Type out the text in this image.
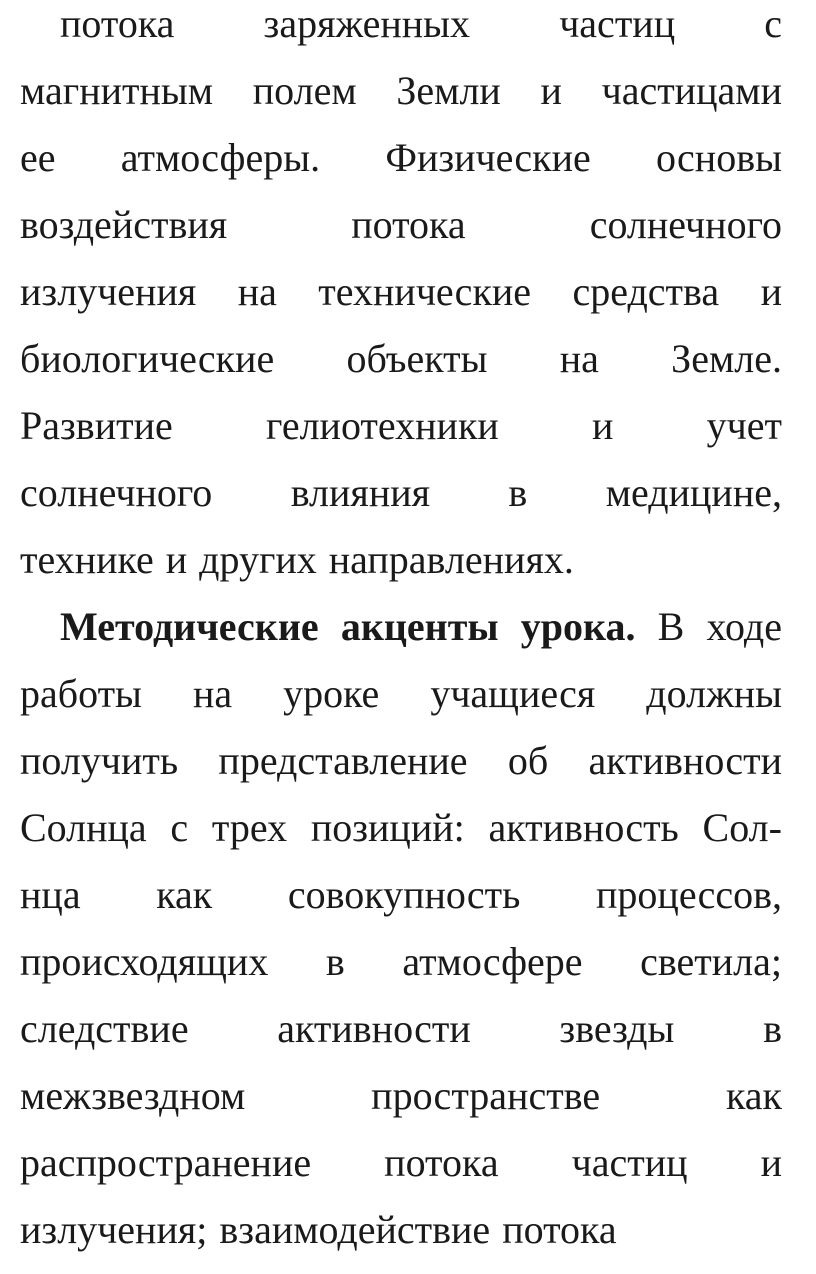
потока заряженных частиц с
магнитным полем Земли и частицами
ее атмосферы. Физические основы
воздействия	потока	солнечного
излучения на технические средства и
биологические объекты на Земле.
Развитие гелиотехники и учет
солнечного влияния в медицине,
технике и других направлениях.
Методические акценты урока. В ходе
работы на уроке учащиеся должны
получить представление об активности
Солнца с трех позиций: активность Сол-
нца как совокупность процессов,
происходящих в атмосфере светила;
следствие активности звезды в
межзвездном	пространстве	как
распространение потока частиц и
излучения; взаимодействие потока
